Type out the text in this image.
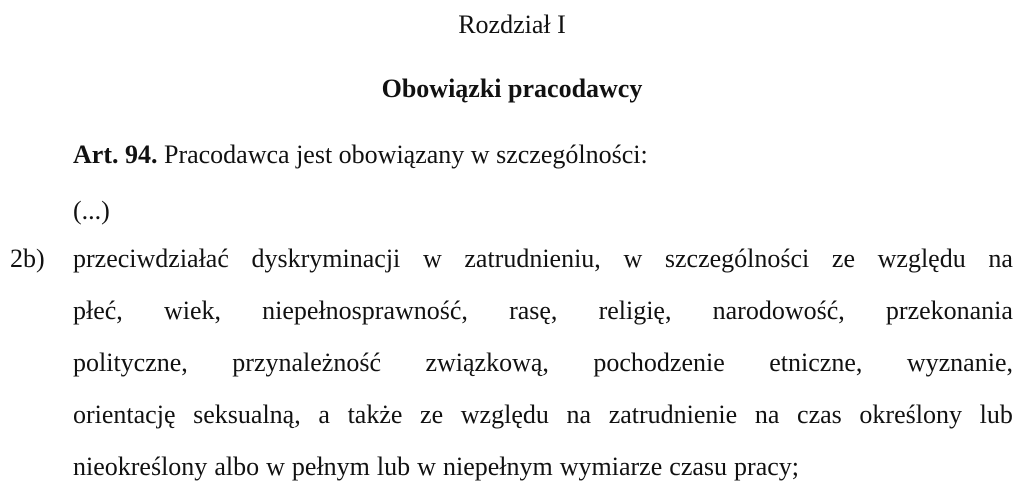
Rozdział I
Obowiązki pracodawcy
Art. 94. Pracodawca jest obowiązany w szczególności:
(...)
2b) przeciwdziałać dyskryminacji w zatrudnieniu, w szczególności ze względu na
płeć, wiek, niepełnosprawność, rasę, religię, narodowość, przekonania
polityczne, przynależność związkową, pochodzenie etniczne, wyznanie,
orientację seksualną, a także ze względu na zatrudnienie na czas określony lub
nieokreślony albo w pełnym lub w niepełnym wymiarze czasu pracy;
